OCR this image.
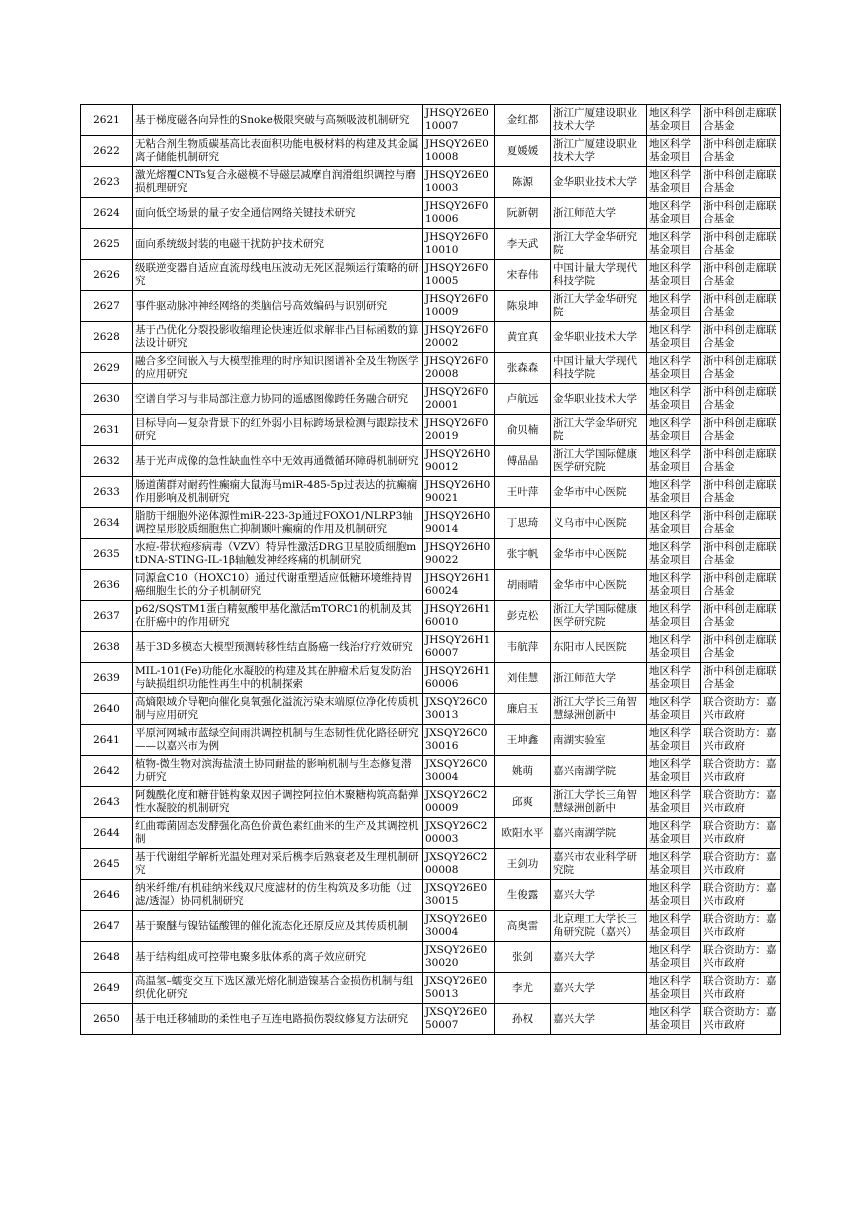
2621	基于梯度磁各向异性的Snoke极限突破与高频吸波机制研究	JHSQY26E010007	金红都	浙江广厦建设职业技术大学	地区科学基金项目	浙中科创走廊联合基金
2622	无粘合剂生物质碳基高比表面积功能电极材料的构建及其金属离子储能机制研究	JHSQY26E010008	夏媛媛	浙江广厦建设职业技术大学	地区科学基金项目	浙中科创走廊联合基金
2623	激光熔覆CNTs复合永磁模不导磁层减摩自润滑组织调控与磨损机理研究	JHSQY26E010003	陈源	金华职业技术大学	地区科学基金项目	浙中科创走廊联合基金
2624	面向低空场景的量子安全通信网络关键技术研究	JHSQY26F010006	阮新朝	浙江师范大学	地区科学基金项目	浙中科创走廊联合基金
2625	面向系统级封装的电磁干扰防护技术研究	JHSQY26F010010	李天武	浙江大学金华研究院	地区科学基金项目	浙中科创走廊联合基金
2626	级联逆变器自适应直流母线电压波动无死区混频运行策略的研究	JHSQY26F010005	宋春伟	中国计量大学现代科技学院	地区科学基金项目	浙中科创走廊联合基金
2627	事件驱动脉冲神经网络的类脑信号高效编码与识别研究	JHSQY26F010009	陈泉坤	浙江大学金华研究院	地区科学基金项目	浙中科创走廊联合基金
2628	基于凸优化分裂投影收缩理论快速近似求解非凸目标函数的算法设计研究	JHSQY26F020002	黄宜真	金华职业技术大学	地区科学基金项目	浙中科创走廊联合基金
2629	融合多空间嵌入与大模型推理的时序知识图谱补全及生物医学的应用研究	JHSQY26F020008	张森森	中国计量大学现代科技学院	地区科学基金项目	浙中科创走廊联合基金
2630	空谱自学习与非局部注意力协同的遥感图像跨任务融合研究	JHSQY26F020001	卢航远	金华职业技术大学	地区科学基金项目	浙中科创走廊联合基金
2631	目标导向—复杂背景下的红外弱小目标跨场景检测与跟踪技术研究	JHSQY26F020019	俞贝楠	浙江大学金华研究院	地区科学基金项目	浙中科创走廊联合基金
2632	基于光声成像的急性缺血性卒中无效再通微循环障碍机制研究	JHSQY26H090012	傅晶晶	浙江大学国际健康医学研究院	地区科学基金项目	浙中科创走廊联合基金
2633	肠道菌群对耐药性癫痫大鼠海马miR-485-5p过表达的抗癫痫作用影响及机制研究	JHSQY26H090021	王叶萍	金华市中心医院	地区科学基金项目	浙中科创走廊联合基金
2634	脂肪干细胞外泌体源性miR-223-3p通过FOXO1/NLRP3轴调控星形胶质细胞焦亡抑制颞叶癫痫的作用及机制研究	JHSQY26H090014	丁思琦	义乌市中心医院	地区科学基金项目	浙中科创走廊联合基金
2635	水痘-带状疱疹病毒（VZV）特异性激活DRG卫星胶质细胞mtDNA-STING-IL-1β轴触发神经疼痛的机制研究	JHSQY26H090022	张宇帆	金华市中心医院	地区科学基金项目	浙中科创走廊联合基金
2636	同源盒C10（HOXC10）通过代谢重塑适应低糖环境维持胃癌细胞生长的分子机制研究	JHSQY26H160024	胡雨晴	金华市中心医院	地区科学基金项目	浙中科创走廊联合基金
2637	p62/SQSTM1蛋白精氨酸甲基化激活mTORC1的机制及其在肝癌中的作用研究	JHSQY26H160010	彭克松	浙江大学国际健康医学研究院	地区科学基金项目	浙中科创走廊联合基金
2638	基于3D多模态大模型预测转移性结直肠癌一线治疗疗效研究	JHSQY26H160007	韦航萍	东阳市人民医院	地区科学基金项目	浙中科创走廊联合基金
2639	MIL-101(Fe)功能化水凝胶的构建及其在肿瘤术后复发防治与缺损组织功能性再生中的机制探索	JHSQY26H160006	刘佳慧	浙江师范大学	地区科学基金项目	浙中科创走廊联合基金
2640	高熵限域介导靶向催化臭氧强化溢流污染末端原位净化传质机制与应用研究	JXSQY26C030013	廉启玉	浙江大学长三角智慧绿洲创新中	地区科学基金项目	联合资助方：嘉兴市政府
2641	平原河网城市蓝绿空间雨洪调控机制与生态韧性优化路径研究——以嘉兴市为例	JXSQY26C030016	王坤鑫	南湖实验室	地区科学基金项目	联合资助方：嘉兴市政府
2642	植物-微生物对滨海盐渍土协同耐盐的影响机制与生态修复潜力研究	JXSQY26C030004	姚萌	嘉兴南湖学院	地区科学基金项目	联合资助方：嘉兴市政府
2643	阿魏酰化度和糖苷链构象双因子调控阿拉伯木聚糖构筑高黏弹性水凝胶的机制研究	JXSQY26C200009	邱爽	浙江大学长三角智慧绿洲创新中	地区科学基金项目	联合资助方：嘉兴市政府
2644	红曲霉菌固态发酵强化高色价黄色素红曲米的生产及其调控机制	JXSQY26C200003	欧阳水平	嘉兴南湖学院	地区科学基金项目	联合资助方：嘉兴市政府
2645	基于代谢组学解析光温处理对采后槜李后熟衰老及生理机制研究	JXSQY26C200008	王剑功	嘉兴市农业科学研究院	地区科学基金项目	联合资助方：嘉兴市政府
2646	纳米纤维/有机硅纳米线双尺度滤材的仿生构筑及多功能（过滤/透湿）协同机制研究	JXSQY26E030015	生俊露	嘉兴大学	地区科学基金项目	联合资助方：嘉兴市政府
2647	基于聚醚与镍钴锰酸锂的催化流态化还原反应及其传质机制	JXSQY26E030004	高奥雷	北京理工大学长三角研究院（嘉兴）	地区科学基金项目	联合资助方：嘉兴市政府
2648	基于结构组成可控带电聚多肽体系的离子效应研究	JXSQY26E030020	张剑	嘉兴大学	地区科学基金项目	联合资助方：嘉兴市政府
2649	高温氢–蠕变交互下选区激光熔化制造镍基合金损伤机制与组织优化研究	JXSQY26E050013	李尤	嘉兴大学	地区科学基金项目	联合资助方：嘉兴市政府
2650	基于电迁移辅助的柔性电子互连电路损伤裂纹修复方法研究	JXSQY26E050007	孙权	嘉兴大学	地区科学基金项目	联合资助方：嘉兴市政府
